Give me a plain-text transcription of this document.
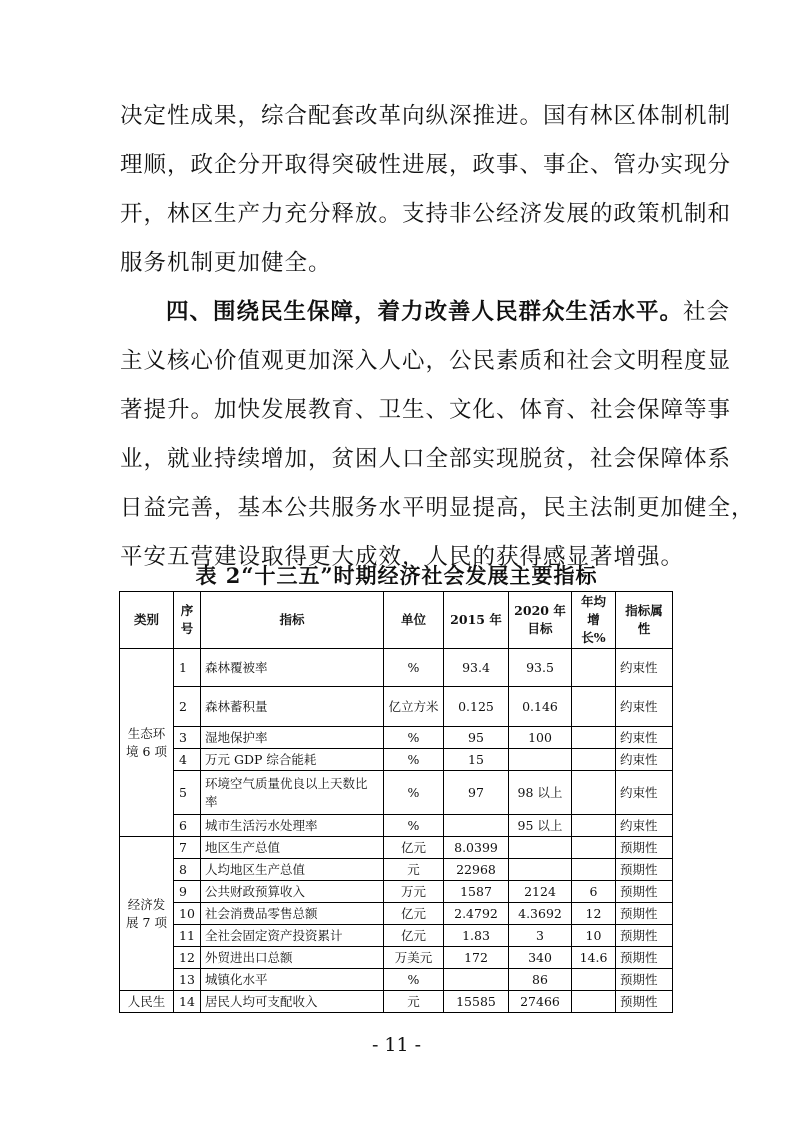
决定性成果，综合配套改革向纵深推进。国有林区体制机制
理顺，政企分开取得突破性进展，政事、事企、管办实现分
开，林区生产力充分释放。支持非公经济发展的政策机制和
服务机制更加健全。
四、围绕民生保障，着力改善人民群众生活水平。社会
主义核心价值观更加深入人心，公民素质和社会文明程度显
著提升。加快发展教育、卫生、文化、体育、社会保障等事
业，就业持续增加，贫困人口全部实现脱贫，社会保障体系
日益完善，基本公共服务水平明显提高，民主法制更加健全，
平安五营建设取得更大成效，人民的获得感显著增强。
表 2“十三五”时期经济社会发展主要指标
类别	序号	指标	单位	2015 年	2020 年目标	年均增长%	指标属性
生态环境 6 项	1	森林覆被率	%	93.4	93.5		约束性
	2	森林蓄积量	亿立方米	0.125	0.146		约束性
	3	湿地保护率	%	95	100		约束性
	4	万元 GDP 综合能耗	%	15			约束性
	5	环境空气质量优良以上天数比率	%	97	98 以上		约束性
	6	城市生活污水处理率	%		95 以上		约束性
经济发展 7 项	7	地区生产总值	亿元	8.0399			预期性
	8	人均地区生产总值	元	22968			预期性
	9	公共财政预算收入	万元	1587	2124	6	预期性
	10	社会消费品零售总额	亿元	2.4792	4.3692	12	预期性
	11	全社会固定资产投资累计	亿元	1.83	3	10	预期性
	12	外贸进出口总额	万美元	172	340	14.6	预期性
	13	城镇化水平	%		86		预期性
人民生	14	居民人均可支配收入	元	15585	27466		预期性
- 11 -
